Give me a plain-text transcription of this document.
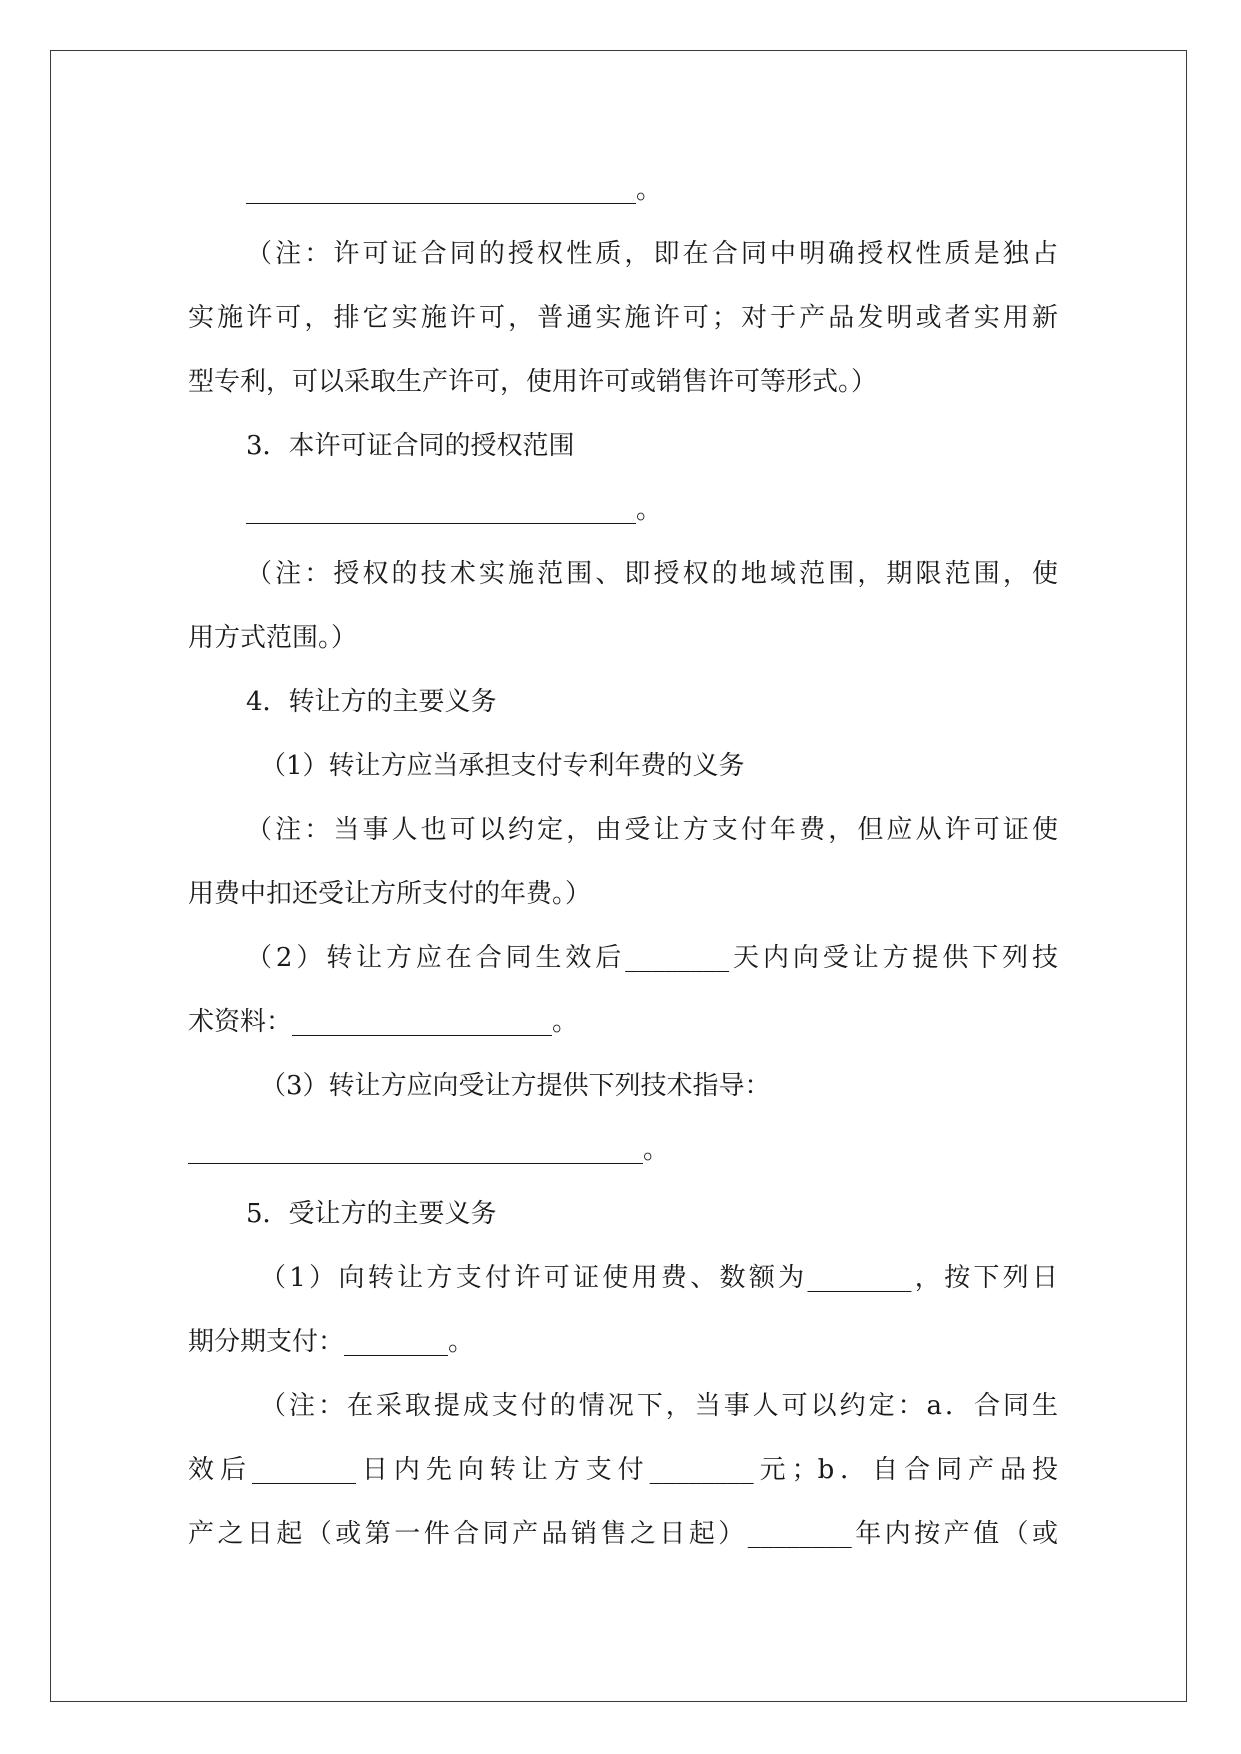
______________________________。
（注：许可证合同的授权性质，即在合同中明确授权性质是独占
实施许可，排它实施许可，普通实施许可；对于产品发明或者实用新
型专利，可以采取生产许可，使用许可或销售许可等形式。）
3．本许可证合同的授权范围
______________________________。
（注：授权的技术实施范围、即授权的地域范围，期限范围，使
用方式范围。）
4．转让方的主要义务
（1）转让方应当承担支付专利年费的义务
（注：当事人也可以约定，由受让方支付年费，但应从许可证使
用费中扣还受让方所支付的年费。）
（2）转让方应在合同生效后________天内向受让方提供下列技
术资料：____________________。
（3）转让方应向受让方提供下列技术指导：
___________________________________。
5．受让方的主要义务
（1）向转让方支付许可证使用费、数额为________，按下列日
期分期支付：________。
（注：在采取提成支付的情况下，当事人可以约定：a．合同生
效后________日内先向转让方支付________元；b．自合同产品投
产之日起（或第一件合同产品销售之日起）________年内按产值（或
